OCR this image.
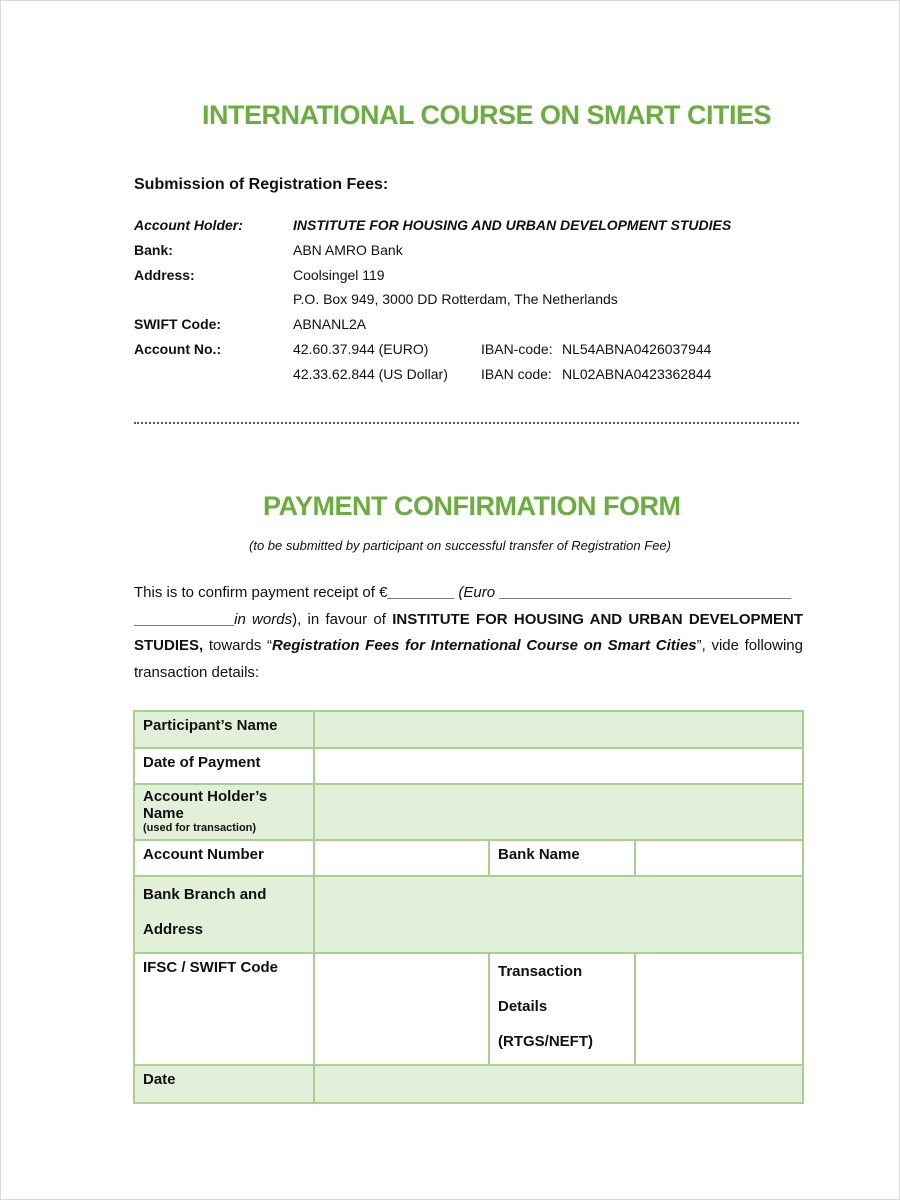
INTERNATIONAL COURSE ON SMART CITIES
Submission of Registration Fees:
Account Holder:	INSTITUTE FOR HOUSING AND URBAN DEVELOPMENT STUDIES
Bank:	ABN AMRO Bank
Address:	Coolsingel 119
P.O. Box 949, 3000 DD Rotterdam, The Netherlands
SWIFT Code:	ABNANL2A
Account No.:	42.60.37.944 (EURO)	IBAN-code: NL54ABNA0426037944
42.33.62.844 (US Dollar) IBAN code: NL02ABNA0423362844
PAYMENT CONFIRMATION FORM
(to be submitted by participant on successful transfer of Registration Fee)
This is to confirm payment receipt of €________ (Euro ___________________________________
____________in words), in favour of INSTITUTE FOR HOUSING AND URBAN DEVELOPMENT STUDIES, towards “Registration Fees for International Course on Smart Cities”, vide following transaction details:
Participant’s Name			
Date of Payment			

Account Holder’s Name
(used for transaction)			

Account Number		Bank Name	

Bank Branch and
Address			

IFSC / SWIFT Code		Transaction Details
(RTGS/NEFT)	

Date			
